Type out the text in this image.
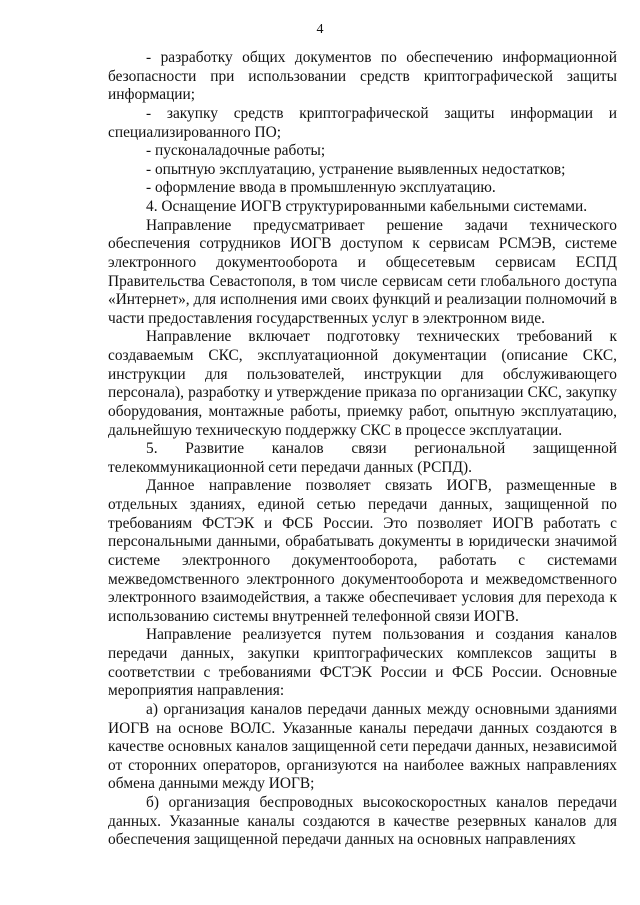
4

- разработку общих документов по обеспечению информационной безопасности при использовании средств криптографической защиты информации;

- закупку средств криптографической защиты информации и специализированного ПО;

- пусконаладочные работы;

- опытную эксплуатацию, устранение выявленных недостатков;

- оформление ввода в промышленную эксплуатацию.

4. Оснащение ИОГВ структурированными кабельными системами.

Направление предусматривает решение задачи технического обеспечения сотрудников ИОГВ доступом к сервисам РСМЭВ, системе электронного документооборота и общесетевым сервисам ЕСПД Правительства Севастополя, в том числе сервисам сети глобального доступа «Интернет», для исполнения ими своих функций и реализации полномочий в части предоставления государственных услуг в электронном виде.

Направление включает подготовку технических требований к создаваемым СКС, эксплуатационной документации (описание СКС, инструкции для пользователей, инструкции для обслуживающего персонала), разработку и утверждение приказа по организации СКС, закупку оборудования, монтажные работы, приемку работ, опытную эксплуатацию, дальнейшую техническую поддержку СКС в процессе эксплуатации.

5. Развитие каналов связи региональной защищенной телекоммуникационной сети передачи данных (РСПД).

Данное направление позволяет связать ИОГВ, размещенные в отдельных зданиях, единой сетью передачи данных, защищенной по требованиям ФСТЭК и ФСБ России. Это позволяет ИОГВ работать с персональными данными, обрабатывать документы в юридически значимой системе электронного документооборота, работать с системами межведомственного электронного документооборота и межведомственного электронного взаимодействия, а также обеспечивает условия для перехода к использованию системы внутренней телефонной связи ИОГВ.

Направление реализуется путем пользования и создания каналов передачи данных, закупки криптографических комплексов защиты в соответствии с требованиями ФСТЭК России и ФСБ России. Основные мероприятия направления:

а) организация каналов передачи данных между основными зданиями ИОГВ на основе ВОЛС. Указанные каналы передачи данных создаются в качестве основных каналов защищенной сети передачи данных, независимой от сторонних операторов, организуются на наиболее важных направлениях обмена данными между ИОГВ;

б) организация беспроводных высокоскоростных каналов передачи данных. Указанные каналы создаются в качестве резервных каналов для обеспечения защищенной передачи данных на основных направлениях
